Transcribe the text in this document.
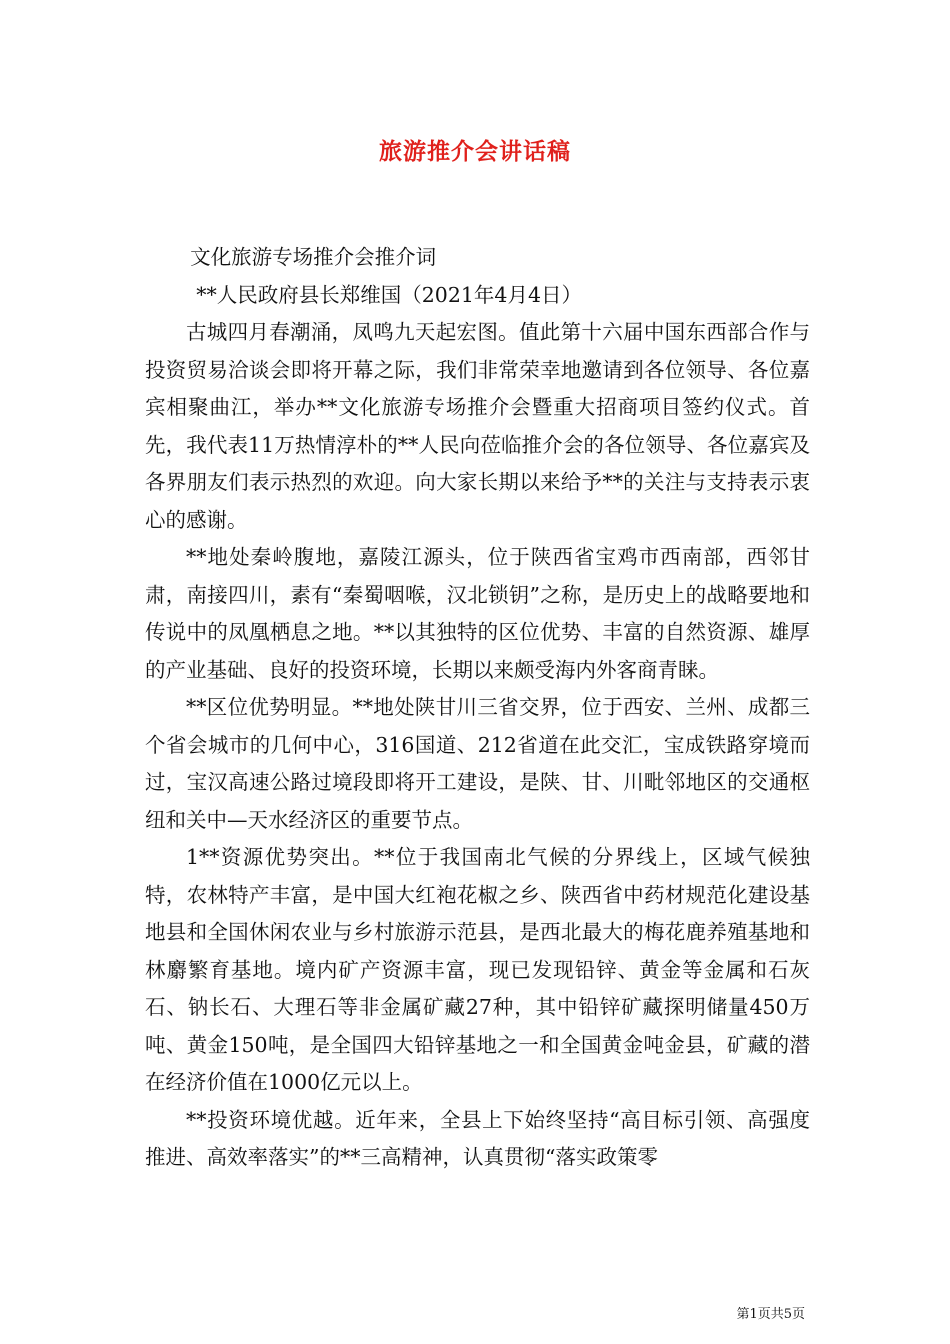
旅游推介会讲话稿

文化旅游专场推介会推介词

**人民政府县长郑维国（2021年4月4日）

古城四月春潮涌，凤鸣九天起宏图。值此第十六届中国东西部合作与投资贸易洽谈会即将开幕之际，我们非常荣幸地邀请到各位领导、各位嘉宾相聚曲江，举办**文化旅游专场推介会暨重大招商项目签约仪式。首先，我代表11万热情淳朴的**人民向莅临推介会的各位领导、各位嘉宾及各界朋友们表示热烈的欢迎。向大家长期以来给予**的关注与支持表示衷心的感谢。

**地处秦岭腹地，嘉陵江源头，位于陕西省宝鸡市西南部，西邻甘肃，南接四川，素有“秦蜀咽喉，汉北锁钥”之称，是历史上的战略要地和传说中的凤凰栖息之地。**以其独特的区位优势、丰富的自然资源、雄厚的产业基础、良好的投资环境，长期以来颇受海内外客商青睐。

**区位优势明显。**地处陕甘川三省交界，位于西安、兰州、成都三个省会城市的几何中心，316国道、212省道在此交汇，宝成铁路穿境而过，宝汉高速公路过境段即将开工建设，是陕、甘、川毗邻地区的交通枢纽和关中—天水经济区的重要节点。

1**资源优势突出。**位于我国南北气候的分界线上，区域气候独特，农林特产丰富，是中国大红袍花椒之乡、陕西省中药材规范化建设基地县和全国休闲农业与乡村旅游示范县，是西北最大的梅花鹿养殖基地和林麝繁育基地。境内矿产资源丰富，现已发现铅锌、黄金等金属和石灰石、钠长石、大理石等非金属矿藏27种，其中铅锌矿藏探明储量450万吨、黄金150吨，是全国四大铅锌基地之一和全国黄金吨金县，矿藏的潜在经济价值在1000亿元以上。

**投资环境优越。近年来，全县上下始终坚持“高目标引领、高强度推进、高效率落实”的**三高精神，认真贯彻“落实政策零

第1页共5页
